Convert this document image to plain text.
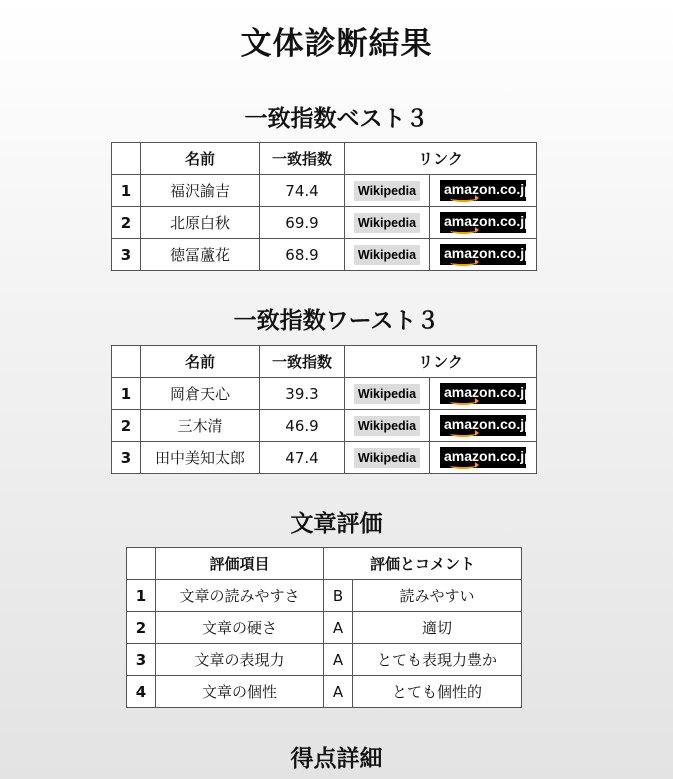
文体診断結果
一致指数ベスト３
	名前	一致指数	リンク	
1	福沢諭吉	74.4	Wikipedia	amazon.co.jp

2	北原白秋	69.9	Wikipedia	amazon.co.jp

3	徳冨蘆花	68.9	Wikipedia	amazon.co.jp
一致指数ワースト３
	名前	一致指数	リンク	
1	岡倉天心	39.3	Wikipedia	amazon.co.jp

2	三木清	46.9	Wikipedia	amazon.co.jp

3	田中美知太郎	47.4	Wikipedia	amazon.co.jp
文章評価
	評価項目	評価とコメント	
1	文章の読みやすさ	B	読みやすい
2	文章の硬さ	A	適切
3	文章の表現力	A	とても表現力豊か
4	文章の個性	A	とても個性的
得点詳細
